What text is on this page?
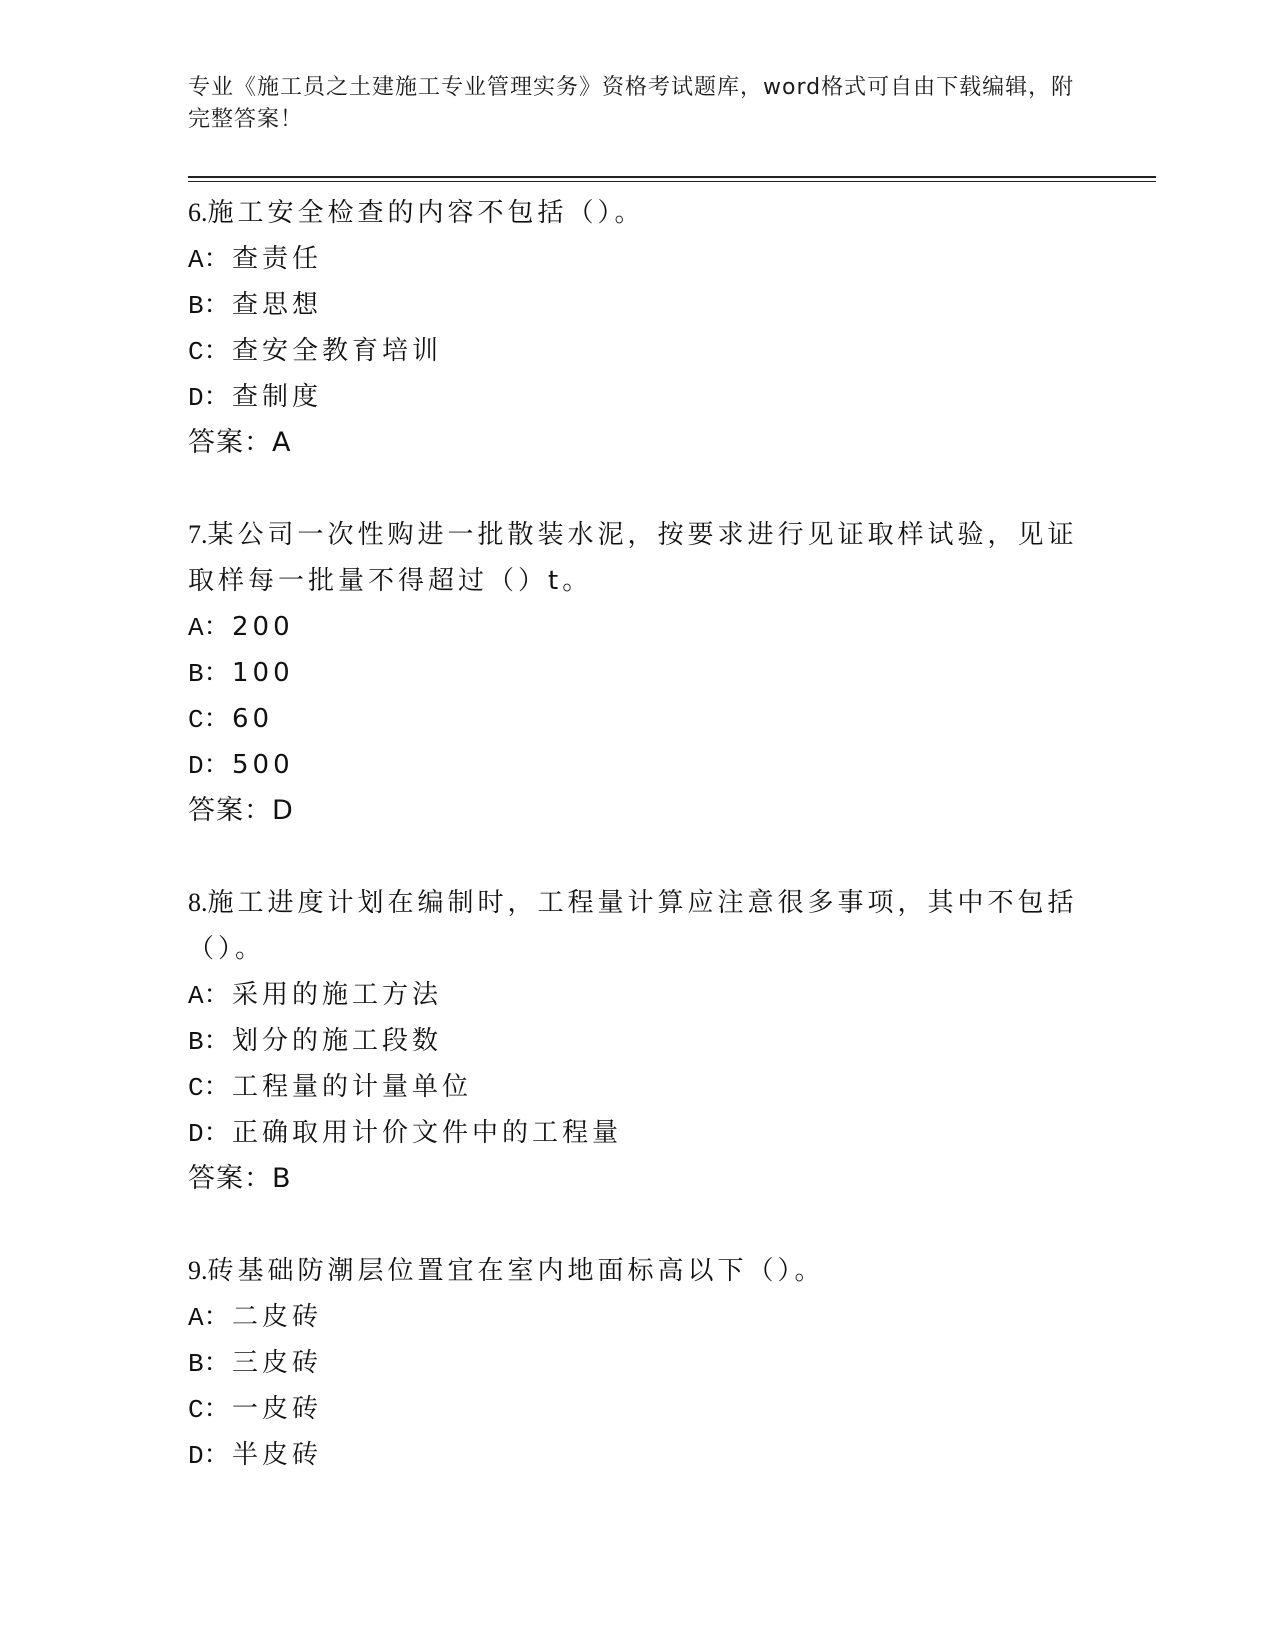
专业《施工员之土建施工专业管理实务》资格考试题库，word格式可自由下载编辑，附完整答案！
6.施工安全检查的内容不包括（）。
A：查责任
B：查思想
C：查安全教育培训
D：查制度
答案：A
7.某公司一次性购进一批散装水泥，按要求进行见证取样试验，见证取样每一批量不得超过（）t。
A：200
B：100
C：60
D：500
答案：D
8.施工进度计划在编制时，工程量计算应注意很多事项，其中不包括（）。
A：采用的施工方法
B：划分的施工段数
C：工程量的计量单位
D：正确取用计价文件中的工程量
答案：B
9.砖基础防潮层位置宜在室内地面标高以下（）。
A：二皮砖
B：三皮砖
C：一皮砖
D：半皮砖
